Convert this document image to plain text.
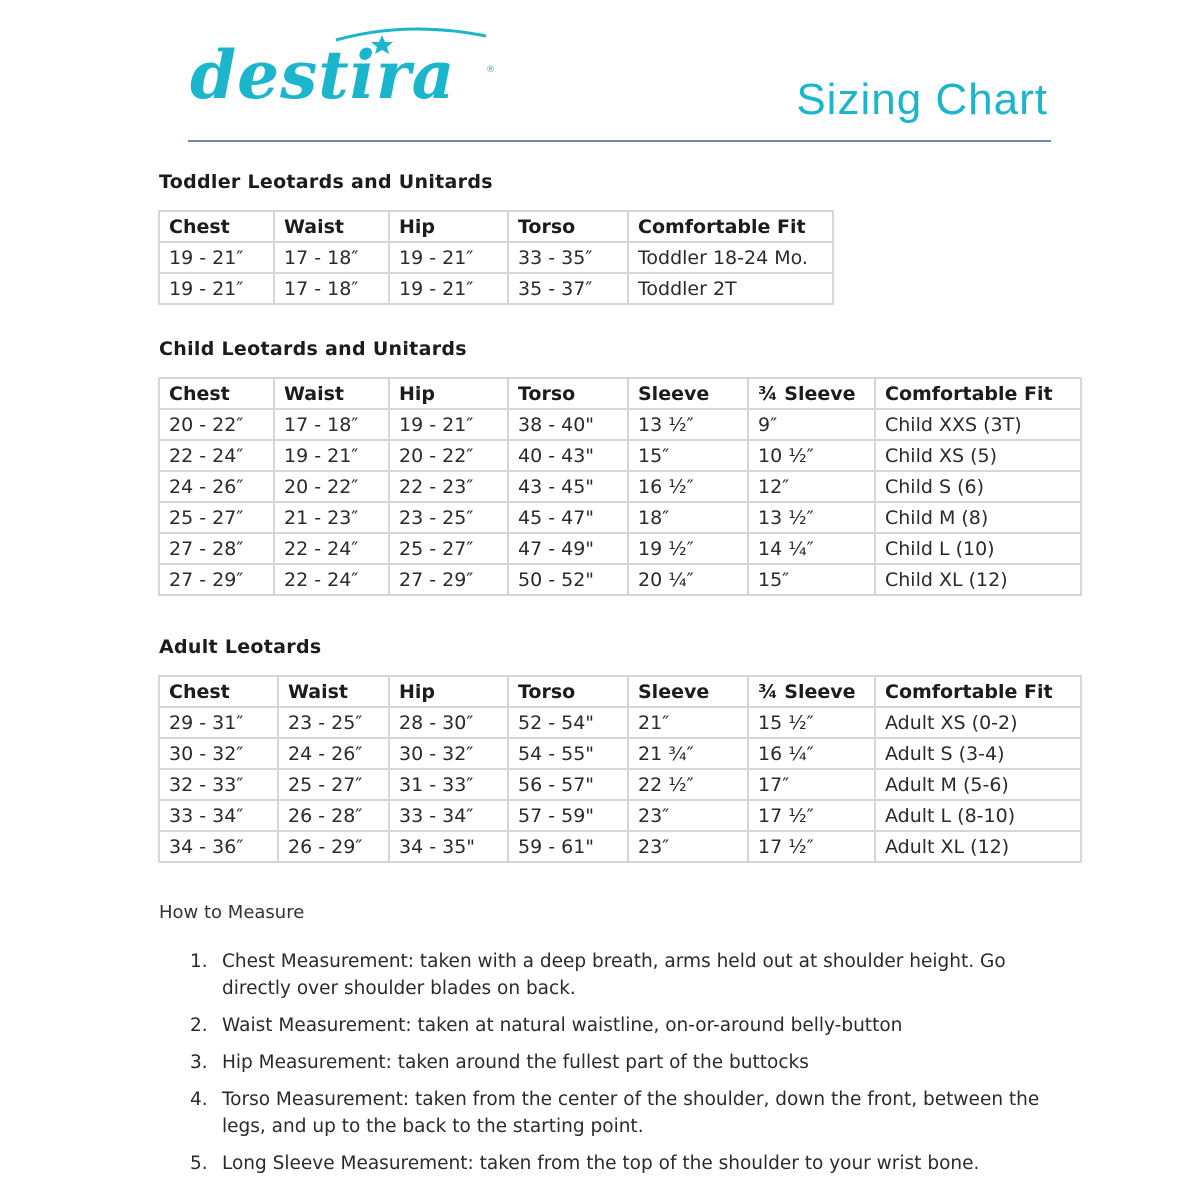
destira	®
Sizing Chart
Toddler Leotards and Unitards
Chest	Waist	Hip	Torso	Comfortable Fit
19 - 21″	17 - 18″	19 - 21″	33 - 35″	Toddler 18-24 Mo.
19 - 21″	17 - 18″	19 - 21″	35 - 37″	Toddler 2T
Child Leotards and Unitards
Chest	Waist	Hip	Torso	Sleeve	¾ Sleeve	Comfortable Fit
20 - 22″	17 - 18″	19 - 21″	38 - 40"	13 ½″	9″	Child XXS (3T)
22 - 24″	19 - 21″	20 - 22″	40 - 43"	15″	10 ½″	Child XS (5)
24 - 26″	20 - 22″	22 - 23″	43 - 45"	16 ½″	12″	Child S (6)
25 - 27″	21 - 23″	23 - 25″	45 - 47"	18″	13 ½″	Child M (8)
27 - 28″	22 - 24″	25 - 27″	47 - 49"	19 ½″	14 ¼″	Child L (10)
27 - 29″	22 - 24″	27 - 29″	50 - 52"	20 ¼″	15″	Child XL (12)
Adult Leotards
Chest	Waist	Hip	Torso	Sleeve	¾ Sleeve	Comfortable Fit
29 - 31″	23 - 25″	28 - 30″	52 - 54"	21″	15 ½″	Adult XS (0-2)
30 - 32″	24 - 26″	30 - 32″	54 - 55"	21 ¾″	16 ¼″	Adult S (3-4)
32 - 33″	25 - 27″	31 - 33″	56 - 57"	22 ½″	17″	Adult M (5-6)
33 - 34″	26 - 28″	33 - 34″	57 - 59"	23″	17 ½″	Adult L (8-10)
34 - 36″	26 - 29″	34 - 35"	59 - 61"	23″	17 ½″	Adult XL (12)
How to Measure
1. Chest Measurement: taken with a deep breath, arms held out at shoulder height. Go directly over shoulder blades on back.
2. Waist Measurement: taken at natural waistline, on-or-around belly-button
3. Hip Measurement: taken around the fullest part of the buttocks
4. Torso Measurement: taken from the center of the shoulder, down the front, between the legs, and up to the back to the starting point.
5. Long Sleeve Measurement: taken from the top of the shoulder to your wrist bone.
